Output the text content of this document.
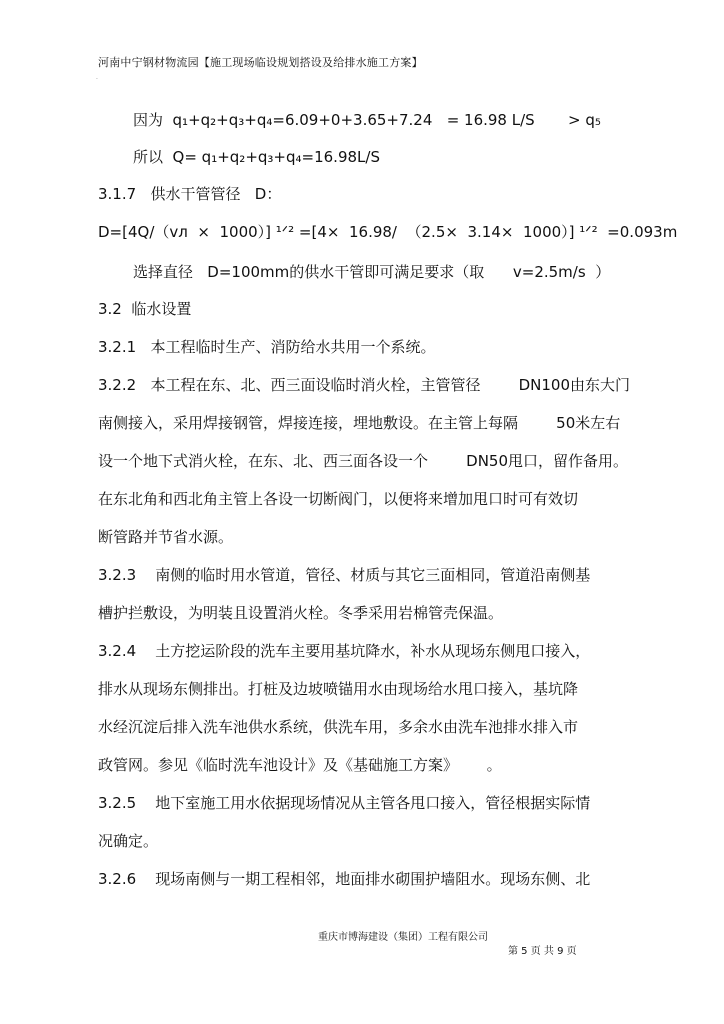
河南中宁钢材物流园【施工现场临设规划搭设及给排水施工方案】
.
因为  q₁+q₂+q₃+q₄=6.09+0+3.65+7.24   = 16.98 L/S       > q₅
所以  Q= q₁+q₂+q₃+q₄=16.98L/S
3.1.7   供水干管管径   D：
D=[4Q/（vл  ×  1000）] ¹ᐟ² =[4×  16.98/  （2.5×  3.14×  1000）] ¹ᐟ²  =0.093m
选择直径   D=100mm的供水干管即可满足要求（取      v=2.5m/s  ）
3.2  临水设置
3.2.1   本工程临时生产、消防给水共用一个系统。
3.2.2   本工程在东、北、西三面设临时消火栓，主管管径        DN100由东大门
南侧接入，采用焊接钢管，焊接连接，埋地敷设。在主管上每隔        50米左右
设一个地下式消火栓，在东、北、西三面各设一个        DN50甩口，留作备用。
在东北角和西北角主管上各设一切断阀门，以便将来增加甩口时可有效切
断管路并节省水源。
3.2.3    南侧的临时用水管道，管径、材质与其它三面相同，管道沿南侧基
槽护拦敷设，为明装且设置消火栓。冬季采用岩棉管壳保温。
3.2.4    土方挖运阶段的洗车主要用基坑降水，补水从现场东侧甩口接入，
排水从现场东侧排出。打桩及边坡喷锚用水由现场给水甩口接入，基坑降
水经沉淀后排入洗车池供水系统，供洗车用，多余水由洗车池排水排入市
政管网。参见《临时洗车池设计》及《基础施工方案》      。
3.2.5    地下室施工用水依据现场情况从主管各甩口接入，管径根据实际情
况确定。
3.2.6    现场南侧与一期工程相邻，地面排水砌围护墙阻水。现场东侧、北
重庆市博海建设（集团）工程有限公司
第 5 页 共 9 页
